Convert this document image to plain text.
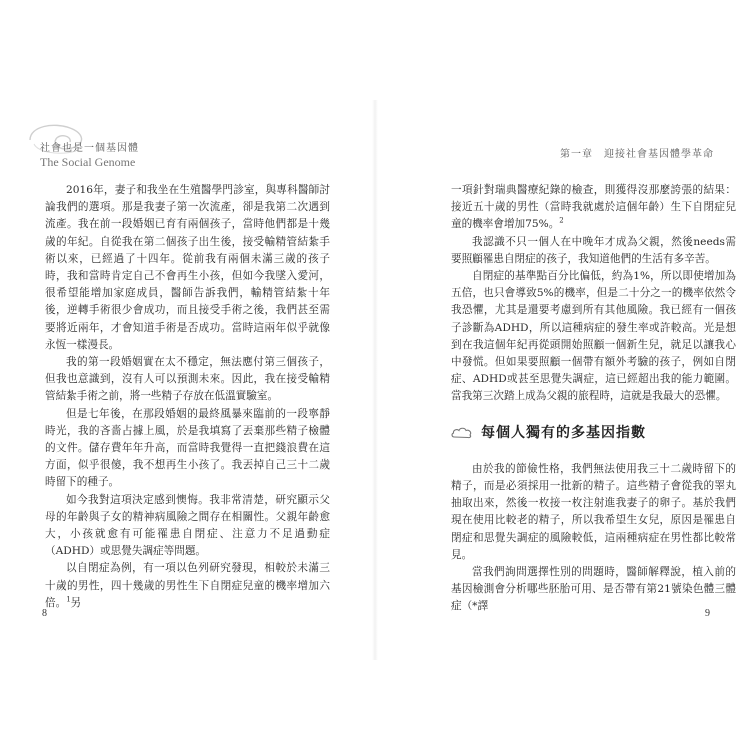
社會也是一個基因體
The Social Genome

2016年，妻子和我坐在生殖醫學門診室，與專科醫師討論我們的選項。那是我妻子第一次流產，卻是我第二次遇到流產。我在前一段婚姻已育有兩個孩子，當時他們都是十幾歲的年紀。自從我在第二個孩子出生後，接受輸精管結紮手術以來，已經過了十四年。從前我有兩個未滿三歲的孩子時，我和當時肯定自己不會再生小孩，但如今我墜入愛河，很希望能增加家庭成員，醫師告訴我們，輸精管結紮十年後，逆轉手術很少會成功，而且接受手術之後，我們甚至需要將近兩年，才會知道手術是否成功。當時這兩年似乎就像永恆一樣漫長。

我的第一段婚姻實在太不穩定，無法應付第三個孩子，但我也意識到，沒有人可以預測未來。因此，我在接受輸精管結紮手術之前，將一些精子存放在低溫實驗室。

但是七年後，在那段婚姻的最終風暴來臨前的一段寧靜時光，我的吝嗇占據上風，於是我填寫了丟棄那些精子檢體的文件。儲存費年年升高，而當時我覺得一直把錢浪費在這方面，似乎很傻，我不想再生小孩了。我丟掉自己三十二歲時留下的種子。

如今我對這項決定感到懊悔。我非常清楚，研究顯示父母的年齡與子女的精神病風險之間存在相關性。父親年齡愈大，小孩就愈有可能罹患自閉症、注意力不足過動症（ADHD）或思覺失調症等問題。

以自閉症為例，有一項以色列研究發現，相較於未滿三十歲的男性，四十幾歲的男性生下自閉症兒童的機率增加六倍。$^1$另

8
第一章　迎接社會基因體學革命

一項針對瑞典醫療紀錄的檢查，則獲得沒那麼誇張的結果：接近五十歲的男性（當時我就處於這個年齡）生下自閉症兒童的機率會增加75%。$^2$

我認識不只一個人在中晚年才成為父親，然後needs需要照顧罹患自閉症的孩子，我知道他們的生活有多辛苦。

自閉症的基準點百分比偏低，約為1%，所以即使增加為五倍，也只會導致5%的機率，但是二十分之一的機率依然令我恐懼，尤其是還要考慮到所有其他風險。我已經有一個孩子診斷為ADHD，所以這種病症的發生率或許較高。光是想到在我這個年紀再從頭開始照顧一個新生兒，就足以讓我心中發慌。但如果要照顧一個帶有額外考驗的孩子，例如自閉症、ADHD或甚至思覺失調症，這已經超出我的能力範圍。當我第三次踏上成為父親的旅程時，這就是我最大的恐懼。

每個人獨有的多基因指數

由於我的節儉性格，我們無法使用我三十二歲時留下的精子，而是必須採用一批新的精子。這些精子會從我的睪丸抽取出來，然後一枚接一枚注射進我妻子的卵子。基於我們現在使用比較老的精子，所以我希望生女兒，原因是罹患自閉症和思覺失調症的風險較低，這兩種病症在男性都比較常見。

當我們詢問選擇性別的問題時，醫師解釋說，植入前的基因檢測會分析哪些胚胎可用、是否帶有第21號染色體三體症（*譯

9
